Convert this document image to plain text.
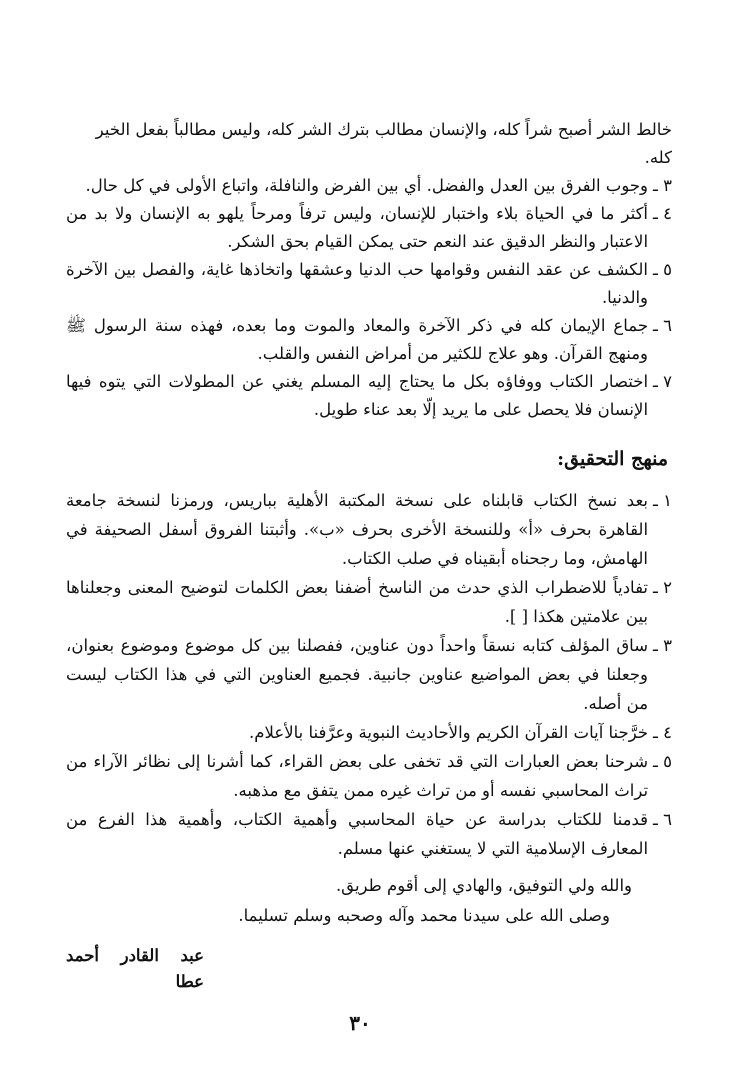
خالط الشر أصبح شراً كله، والإنسان مطالب بترك الشر كله، وليس مطالباً بفعل الخير
كله.

٣ ـ
وجوب الفرق بين العدل والفضل. أي بين الفرض والنافلة، واتباع الأولى في كل حال.
٤ ـ
أكثر ما في الحياة بلاء واختبار للإنسان، وليس ترفاً ومرحاً يلهو به الإنسان ولا بد من الاعتبار والنظر الدقيق عند النعم حتى يمكن القيام بحق الشكر.
٥ ـ
الكشف عن عقد النفس وقوامها حب الدنيا وعشقها واتخاذها غاية، والفصل بين الآخرة والدنيا.
٦ ـ
جماع الإيمان كله في ذكر الآخرة والمعاد والموت وما بعده، فهذه سنة الرسول ﷺ ومنهج القرآن. وهو علاج للكثير من أمراض النفس والقلب.
٧ ـ
اختصار الكتاب ووفاؤه بكل ما يحتاج إليه المسلم يغني عن المطولات التي يتوه فيها الإنسان فلا يحصل على ما يريد إلّا بعد عناء طويل.
منهج التحقيق:
١ ـ
بعد نسخ الكتاب قابلناه على نسخة المكتبة الأهلية بباريس، ورمزنا لنسخة جامعة القاهرة بحرف «أ» وللنسخة الأخرى بحرف «ب». وأثبتنا الفروق أسفل الصحيفة في الهامش، وما رجحناه أبقيناه في صلب الكتاب.
٢ ـ
تفادياً للاضطراب الذي حدث من الناسخ أضفنا بعض الكلمات لتوضيح المعنى وجعلناها بين علامتين هكذا [ ].
٣ ـ
ساق المؤلف كتابه نسقاً واحداً دون عناوين، ففصلنا بين كل موضوع وموضوع بعنوان، وجعلنا في بعض المواضيع عناوين جانبية. فجميع العناوين التي في هذا الكتاب ليست من أصله.
٤ ـ
خرَّجنا آيات القرآن الكريم والأحاديث النبوية وعرَّفنا بالأعلام.
٥ ـ
شرحنا بعض العبارات التي قد تخفى على بعض القراء، كما أشرنا إلى نظائر الآراء من تراث المحاسبي نفسه أو من تراث غيره ممن يتفق مع مذهبه.
٦ ـ
قدمنا للكتاب بدراسة عن حياة المحاسبي وأهمية الكتاب، وأهمية هذا الفرع من المعارف الإسلامية التي لا يستغني عنها مسلم.
والله ولي التوفيق، والهادي إلى أقوم طريق.
وصلى الله على سيدنا محمد وآله وصحبه وسلم تسليما.
عبد القادر أحمد عطا
٣٠
